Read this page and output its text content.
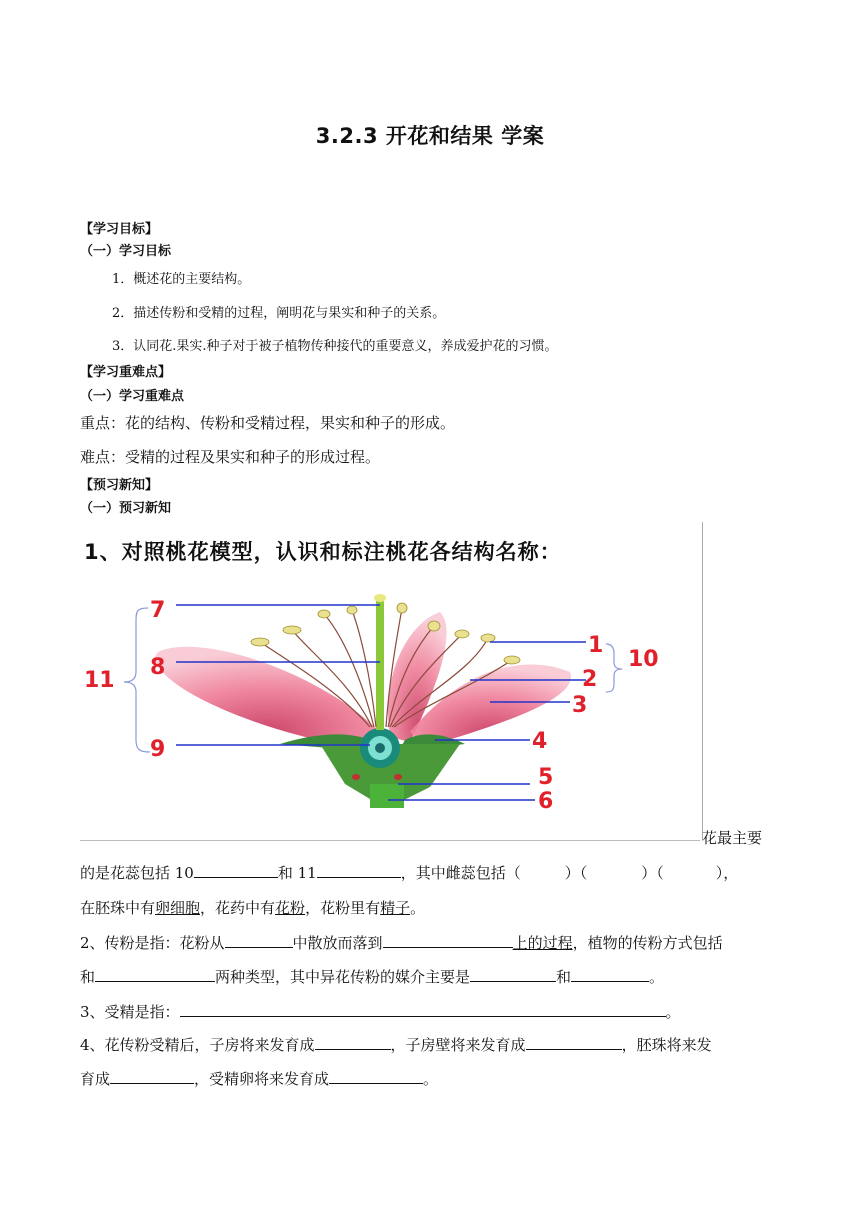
3.2.3 开花和结果 学案
【学习目标】
（一）学习目标
1．概述花的主要结构。
2．描述传粉和受精的过程，阐明花与果实和种子的关系。
3．认同花.果实.种子对于被子植物传种接代的重要意义，养成爱护花的习惯。
【学习重难点】
（一）学习重难点
重点：花的结构、传粉和受精过程，果实和种子的形成。
难点：受精的过程及果实和种子的形成过程。
【预习新知】
（一）预习新知
1、对照桃花模型，认识和标注桃花各结构名称：
7
8
9
11
1
2
3
4
5
6
10
花最主要
的是花蕊包括 10	和 11	，其中雌蕊包括（	）（	）（	），
在胚珠中有卵细胞，花药中有花粉，花粉里有精子。
2、传粉是指：花粉从	中散放而落到	上的过程，植物的传粉方式包括
和	两种类型，其中异花传粉的媒介主要是	和	。
3、受精是指：	。
4、花传粉受精后，子房将来发育成	，子房壁将来发育成	，胚珠将来发
育成	，受精卵将来发育成	。
